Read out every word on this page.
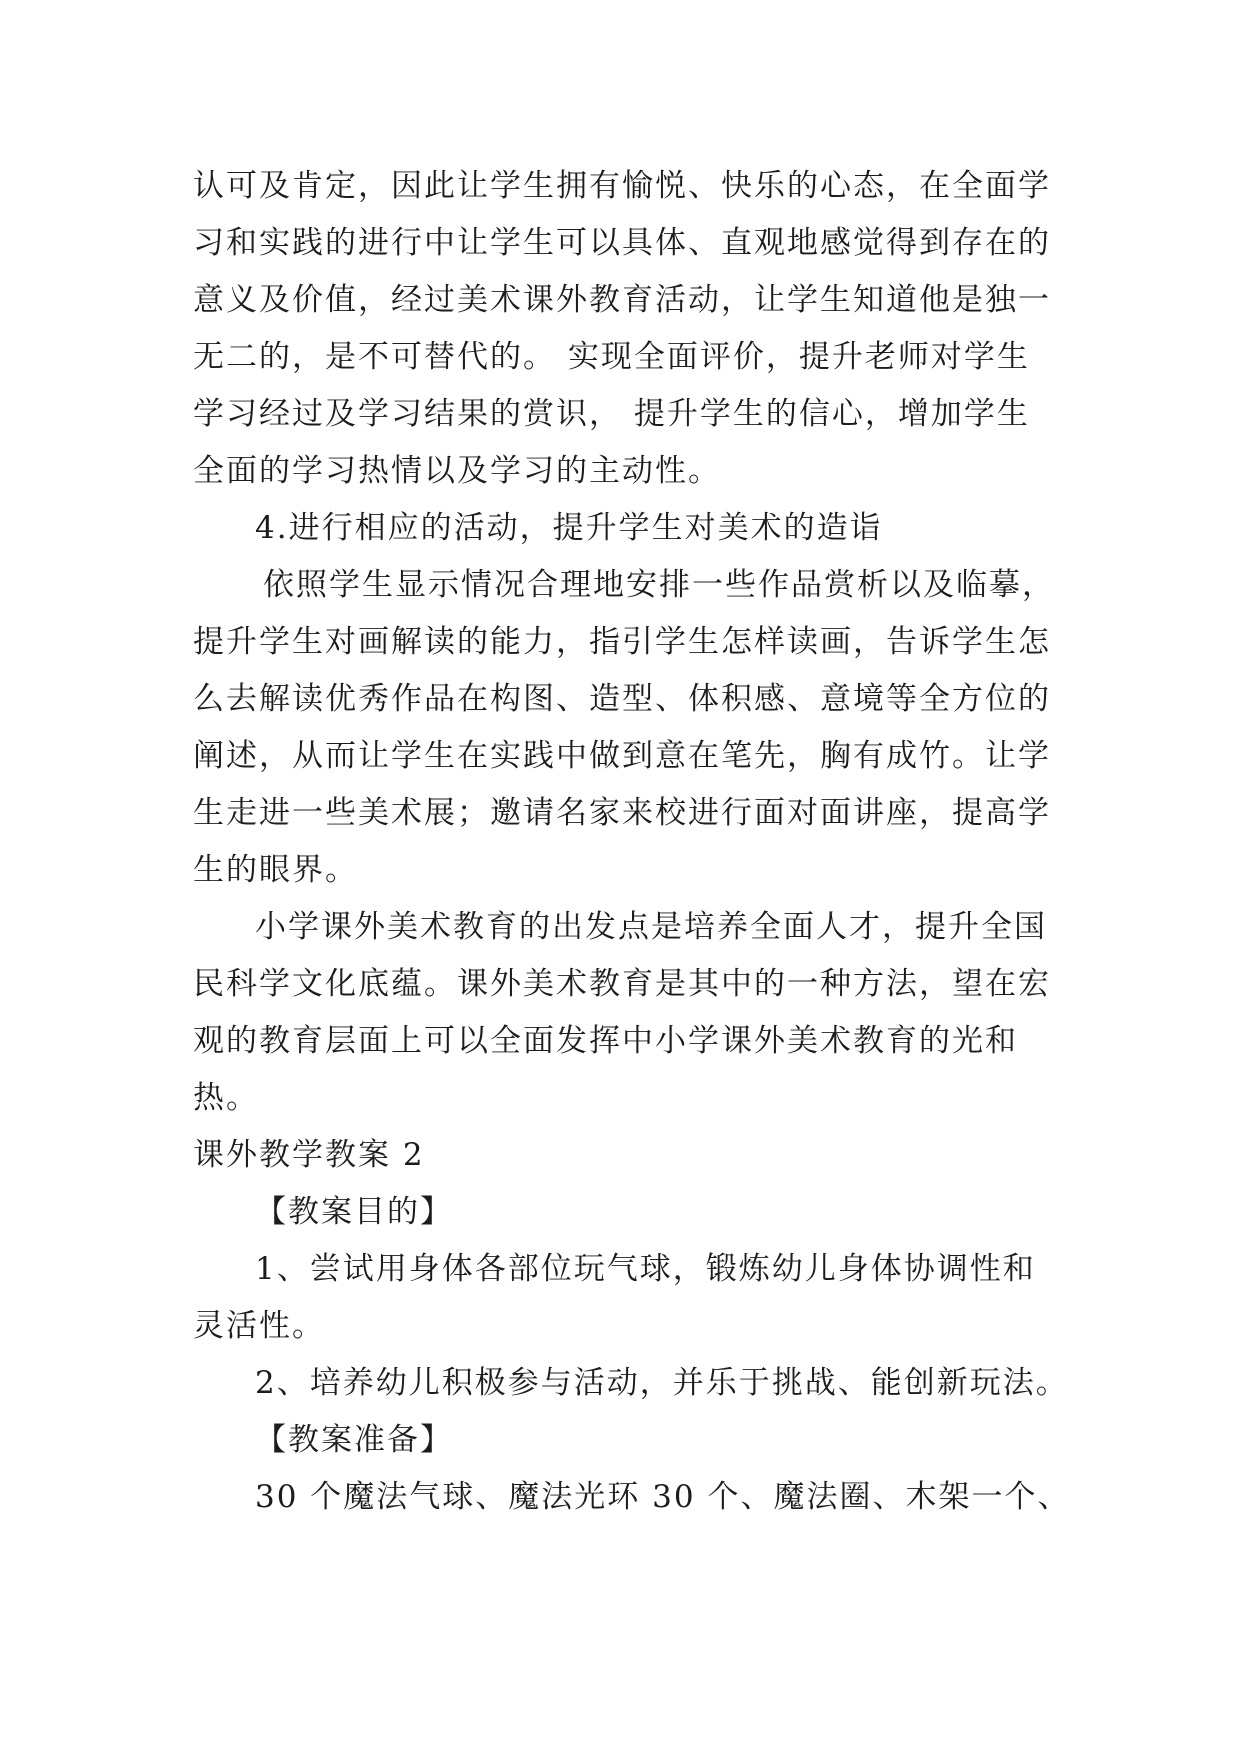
认可及肯定，因此让学生拥有愉悦、快乐的心态，在全面学
习和实践的进行中让学生可以具体、直观地感觉得到存在的
意义及价值，经过美术课外教育活动，让学生知道他是独一
无二的，是不可替代的。 实现全面评价，提升老师对学生
学习经过及学习结果的赏识， 提升学生的信心，增加学生
全面的学习热情以及学习的主动性。
4.进行相应的活动，提升学生对美术的造诣
依照学生显示情况合理地安排一些作品赏析以及临摹，
提升学生对画解读的能力，指引学生怎样读画，告诉学生怎
么去解读优秀作品在构图、造型、体积感、意境等全方位的
阐述，从而让学生在实践中做到意在笔先，胸有成竹。让学
生走进一些美术展；邀请名家来校进行面对面讲座，提高学
生的眼界。
小学课外美术教育的出发点是培养全面人才，提升全国
民科学文化底蕴。课外美术教育是其中的一种方法，望在宏
观的教育层面上可以全面发挥中小学课外美术教育的光和
热。
课外教学教案 2
【教案目的】
1、尝试用身体各部位玩气球，锻炼幼儿身体协调性和
灵活性。
2、培养幼儿积极参与活动，并乐于挑战、能创新玩法。
【教案准备】
30 个魔法气球、魔法光环 30 个、魔法圈、木架一个、
